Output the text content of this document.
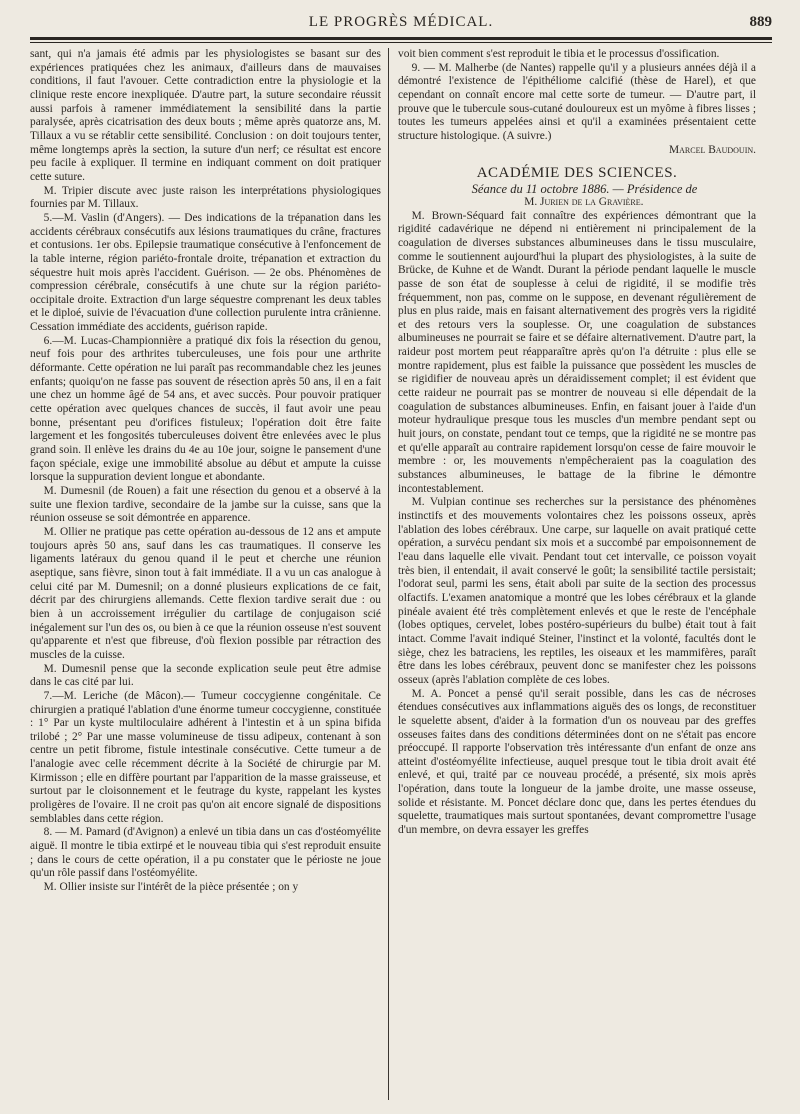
LE PROGRÈS MÉDICAL.	889

sant, qui n'a jamais été admis par les physiologistes se basant sur des expériences pratiquées chez les animaux, d'ailleurs dans de mauvaises conditions, il faut l'avouer. Cette contradiction entre la physiologie et la clinique reste encore inexpliquée. D'autre part, la suture secondaire réussit aussi parfois à ramener immédiatement la sensibilité dans la partie paralysée, après cicatrisation des deux bouts ; même après quatorze ans, M. Tillaux a vu se rétablir cette sensibilité. Conclusion : on doit toujours tenter, même longtemps après la section, la suture d'un nerf; ce résultat est encore peu facile à expliquer. Il termine en indiquant comment on doit pratiquer cette suture.

M. Tripier discute avec juste raison les interprétations physiologiques fournies par M. Tillaux.

5.—M. Vaslin (d'Angers). — Des indications de la trépanation dans les accidents cérébraux consécutifs aux lésions traumatiques du crâne, fractures et contusions. 1er obs. Epilepsie traumatique consécutive à l'enfoncement de la table interne, région pariéto-frontale droite, trépanation et extraction du séquestre huit mois après l'accident. Guérison. — 2e obs. Phénomènes de compression cérébrale, consécutifs à une chute sur la région pariéto-occipitale droite. Extraction d'un large séquestre comprenant les deux tables et le diploé, suivie de l'évacuation d'une collection purulente intra crânienne. Cessation immédiate des accidents, guérison rapide.

6.—M. Lucas-Championnière a pratiqué dix fois la résection du genou, neuf fois pour des arthrites tuberculeuses, une fois pour une arthrite déformante. Cette opération ne lui paraît pas recommandable chez les jeunes enfants; quoiqu'on ne fasse pas souvent de résection après 50 ans, il en a fait une chez un homme âgé de 54 ans, et avec succès. Pour pouvoir pratiquer cette opération avec quelques chances de succès, il faut avoir une peau bonne, présentant peu d'orifices fistuleux; l'opération doit être faite largement et les fongosités tuberculeuses doivent être enlevées avec le plus grand soin. Il enlève les drains du 4e au 10e jour, soigne le pansement d'une façon spéciale, exige une immobilité absolue au début et ampute la cuisse lorsque la suppuration devient longue et abondante.

M. Dumesnil (de Rouen) a fait une résection du genou et a observé à la suite une flexion tardive, secondaire de la jambe sur la cuisse, sans que la réunion osseuse se soit démontrée en apparence.

M. Ollier ne pratique pas cette opération au-dessous de 12 ans et ampute toujours après 50 ans, sauf dans les cas traumatiques. Il conserve les ligaments latéraux du genou quand il le peut et cherche une réunion aseptique, sans fièvre, sinon tout à fait immédiate. Il a vu un cas analogue à celui cité par M. Dumesnil; on a donné plusieurs explications de ce fait, décrit par des chirurgiens allemands. Cette flexion tardive serait due : ou bien à un accroissement irrégulier du cartilage de conjugaison scié inégalement sur l'un des os, ou bien à ce que la réunion osseuse n'est souvent qu'apparente et n'est que fibreuse, d'où flexion possible par rétraction des muscles de la cuisse.

M. Dumesnil pense que la seconde explication seule peut être admise dans le cas cité par lui.

7.—M. Leriche (de Mâcon).— Tumeur coccygienne congénitale. Ce chirurgien a pratiqué l'ablation d'une énorme tumeur coccygienne, constituée : 1° Par un kyste multiloculaire adhérent à l'intestin et à un spina bifida trilobé ; 2° Par une masse volumineuse de tissu adipeux, contenant à son centre un petit fibrome, fistule intestinale consécutive. Cette tumeur a de l'analogie avec celle récemment décrite à la Société de chirurgie par M. Kirmisson ; elle en diffère pourtant par l'apparition de la masse graisseuse, et surtout par le cloisonnement et le feutrage du kyste, rappelant les kystes proligères de l'ovaire. Il ne croit pas qu'on ait encore signalé de dispositions semblables dans cette région.

8. — M. Pamard (d'Avignon) a enlevé un tibia dans un cas d'ostéomyélite aiguë. Il montre le tibia extirpé et le nouveau tibia qui s'est reproduit ensuite ; dans le cours de cette opération, il a pu constater que le périoste ne joue qu'un rôle passif dans l'ostéomyélite.

M. Ollier insiste sur l'intérêt de la pièce présentée ; on y

voit bien comment s'est reproduit le tibia et le processus d'ossification.

9. — M. Malherbe (de Nantes) rappelle qu'il y a plusieurs années déjà il a démontré l'existence de l'épithéliome calcifié (thèse de Harel), et que cependant on connaît encore mal cette sorte de tumeur. — D'autre part, il prouve que le tubercule sous-cutané douloureux est un myôme à fibres lisses ; toutes les tumeurs appelées ainsi et qu'il a examinées présentaient cette structure histologique. (A suivre.)

Marcel Baudouin.

ACADÉMIE DES SCIENCES.

Séance du 11 octobre 1886. — Présidence de

M. Jurien de la Gravière.

M. Brown-Séquard fait connaître des expériences démontrant que la rigidité cadavérique ne dépend ni entièrement ni principalement de la coagulation de diverses substances albumineuses dans le tissu musculaire, comme le soutiennent aujourd'hui la plupart des physiologistes, à la suite de Brücke, de Kuhne et de Wandt. Durant la période pendant laquelle le muscle passe de son état de souplesse à celui de rigidité, il se modifie très fréquemment, non pas, comme on le suppose, en devenant régulièrement de plus en plus raide, mais en faisant alternativement des progrès vers la rigidité et des retours vers la souplesse. Or, une coagulation de substances albumineuses ne pourrait se faire et se défaire alternativement. D'autre part, la raideur post mortem peut réapparaître après qu'on l'a détruite : plus elle se montre rapidement, plus est faible la puissance que possèdent les muscles de se rigidifier de nouveau après un déraidissement complet; il est évident que cette raideur ne pourrait pas se montrer de nouveau si elle dépendait de la coagulation de substances albumineuses. Enfin, en faisant jouer à l'aide d'un moteur hydraulique presque tous les muscles d'un membre pendant sept ou huit jours, on constate, pendant tout ce temps, que la rigidité ne se montre pas et qu'elle apparaît au contraire rapidement lorsqu'on cesse de faire mouvoir le membre : or, les mouvements n'empêcheraient pas la coagulation des substances albumineuses, le battage de la fibrine le démontre incontestablement.

M. Vulpian continue ses recherches sur la persistance des phénomènes instinctifs et des mouvements volontaires chez les poissons osseux, après l'ablation des lobes cérébraux. Une carpe, sur laquelle on avait pratiqué cette opération, a survécu pendant six mois et a succombé par empoisonnement de l'eau dans laquelle elle vivait. Pendant tout cet intervalle, ce poisson voyait très bien, il entendait, il avait conservé le goût; la sensibilité tactile persistait; l'odorat seul, parmi les sens, était aboli par suite de la section des processus olfactifs. L'examen anatomique a montré que les lobes cérébraux et la glande pinéale avaient été très complètement enlevés et que le reste de l'encéphale (lobes optiques, cervelet, lobes postéro-supérieurs du bulbe) était tout à fait intact. Comme l'avait indiqué Steiner, l'instinct et la volonté, facultés dont le siège, chez les batraciens, les reptiles, les oiseaux et les mammifères, paraît être dans les lobes cérébraux, peuvent donc se manifester chez les poissons osseux (après l'ablation complète de ces lobes.

M. A. Poncet a pensé qu'il serait possible, dans les cas de nécroses étendues consécutives aux inflammations aiguës des os longs, de reconstituer le squelette absent, d'aider à la formation d'un os nouveau par des greffes osseuses faites dans des conditions déterminées dont on ne s'était pas encore préoccupé. Il rapporte l'observation très intéressante d'un enfant de onze ans atteint d'ostéomyélite infectieuse, auquel presque tout le tibia droit avait été enlevé, et qui, traité par ce nouveau procédé, a présenté, six mois après l'opération, dans toute la longueur de la jambe droite, une masse osseuse, solide et résistante. M. Poncet déclare donc que, dans les pertes étendues du squelette, traumatiques mais surtout spontanées, devant compromettre l'usage d'un membre, on devra essayer les greffes
